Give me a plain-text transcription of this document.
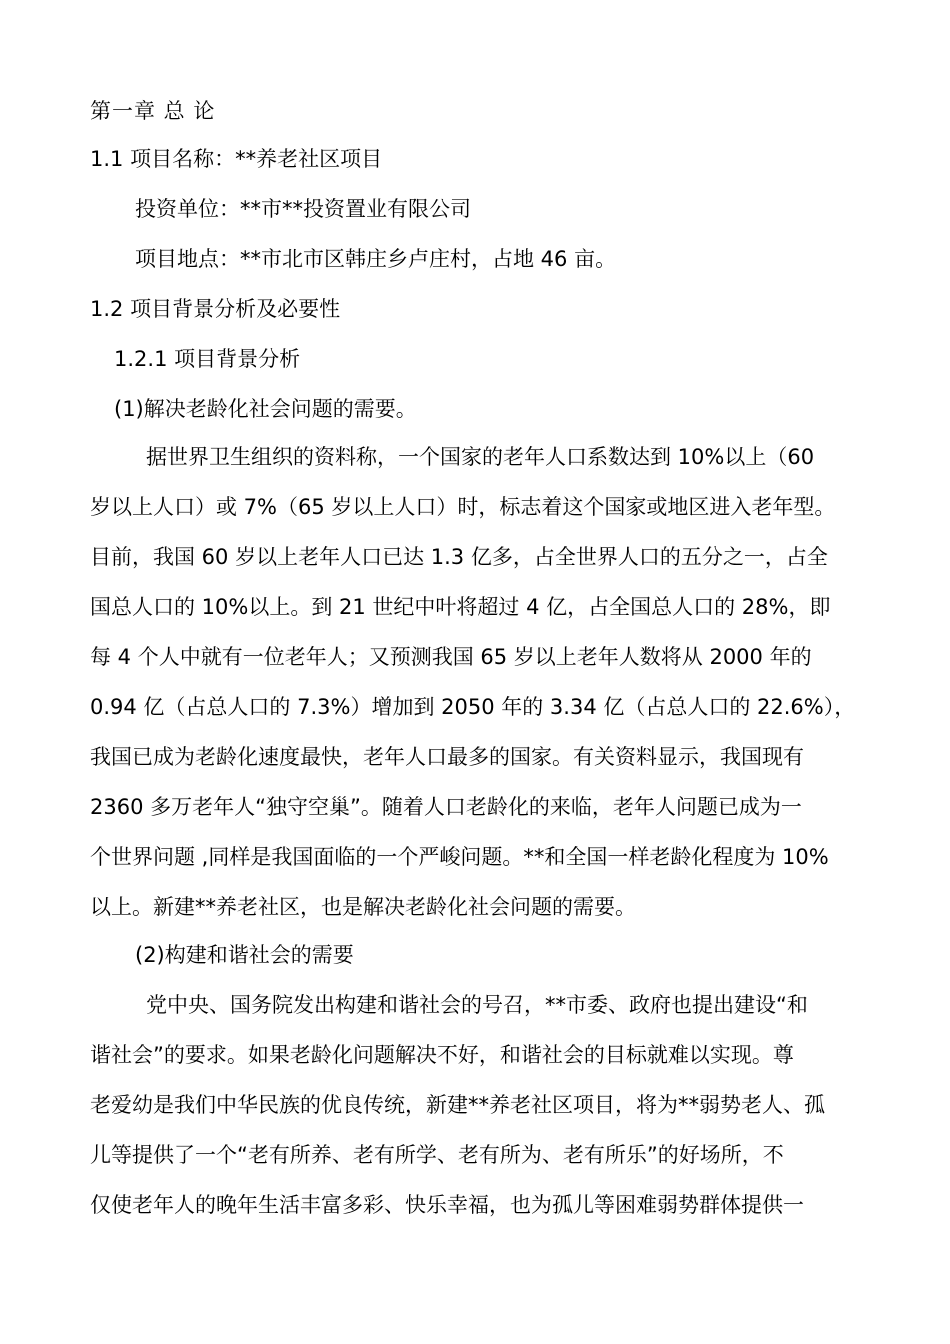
第一章 总 论
1.1 项目名称：**养老社区项目
投资单位：**市**投资置业有限公司
项目地点：**市北市区韩庄乡卢庄村，占地 46 亩。
1.2 项目背景分析及必要性
1.2.1 项目背景分析
(1)解决老龄化社会问题的需要。
据世界卫生组织的资料称，一个国家的老年人口系数达到 10%以上（60
岁以上人口）或 7%（65 岁以上人口）时，标志着这个国家或地区进入老年型。
目前，我国 60 岁以上老年人口已达 1.3 亿多，占全世界人口的五分之一，占全
国总人口的 10%以上。到 21 世纪中叶将超过 4 亿，占全国总人口的 28%，即
每 4 个人中就有一位老年人；又预测我国 65 岁以上老年人数将从 2000 年的
0.94 亿（占总人口的 7.3%）增加到 2050 年的 3.34 亿（占总人口的 22.6%），
我国已成为老龄化速度最快，老年人口最多的国家。有关资料显示，我国现有
2360 多万老年人“独守空巢”。随着人口老龄化的来临，老年人问题已成为一
个世界问题 ,同样是我国面临的一个严峻问题。**和全国一样老龄化程度为 10%
以上。新建**养老社区，也是解决老龄化社会问题的需要。
(2)构建和谐社会的需要
党中央、国务院发出构建和谐社会的号召，**市委、政府也提出建设“和
谐社会”的要求。如果老龄化问题解决不好，和谐社会的目标就难以实现。尊
老爱幼是我们中华民族的优良传统，新建**养老社区项目，将为**弱势老人、孤
儿等提供了一个“老有所养、老有所学、老有所为、老有所乐”的好场所，不
仅使老年人的晚年生活丰富多彩、快乐幸福，也为孤儿等困难弱势群体提供一
